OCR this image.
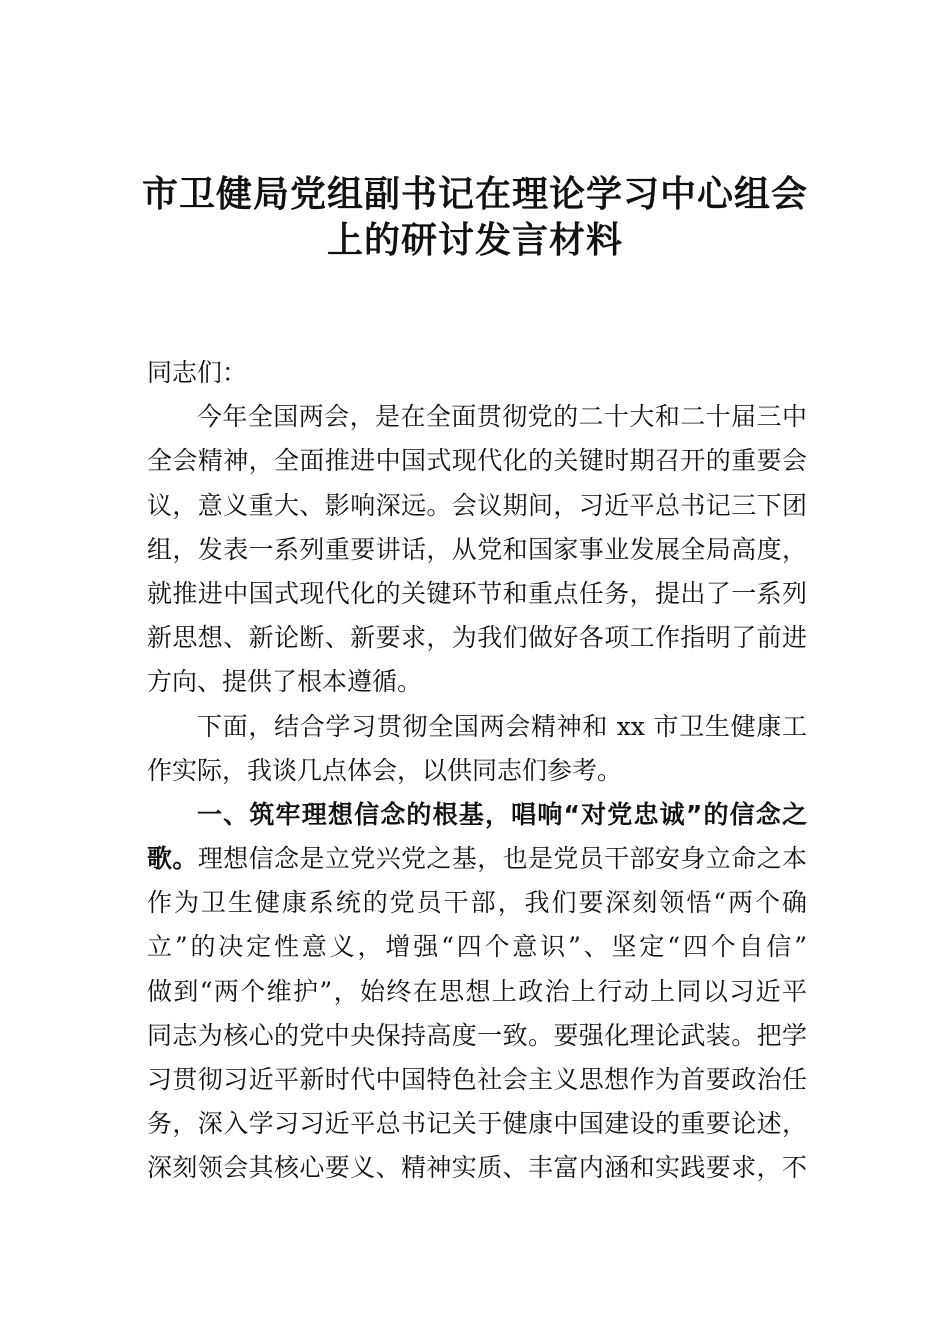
市卫健局党组副书记在理论学习中心组会
上的研讨发言材料
同志们：
今年全国两会，是在全面贯彻党的二十大和二十届三中
全会精神，全面推进中国式现代化的关键时期召开的重要会
议，意义重大、影响深远。会议期间，习近平总书记三下团
组，发表一系列重要讲话，从党和国家事业发展全局高度，
就推进中国式现代化的关键环节和重点任务，提出了一系列
新思想、新论断、新要求，为我们做好各项工作指明了前进
方向、提供了根本遵循。
下面，结合学习贯彻全国两会精神和 xx 市卫生健康工
作实际，我谈几点体会，以供同志们参考。
一、筑牢理想信念的根基，唱响“对党忠诚”的信念之
歌。理想信念是立党兴党之基，也是党员干部安身立命之本
作为卫生健康系统的党员干部，我们要深刻领悟“两个确
立”的决定性意义，增强“四个意识”、坚定“四个自信”
做到“两个维护”，始终在思想上政治上行动上同以习近平
同志为核心的党中央保持高度一致。要强化理论武装。把学
习贯彻习近平新时代中国特色社会主义思想作为首要政治任
务，深入学习习近平总书记关于健康中国建设的重要论述，
深刻领会其核心要义、精神实质、丰富内涵和实践要求，不
